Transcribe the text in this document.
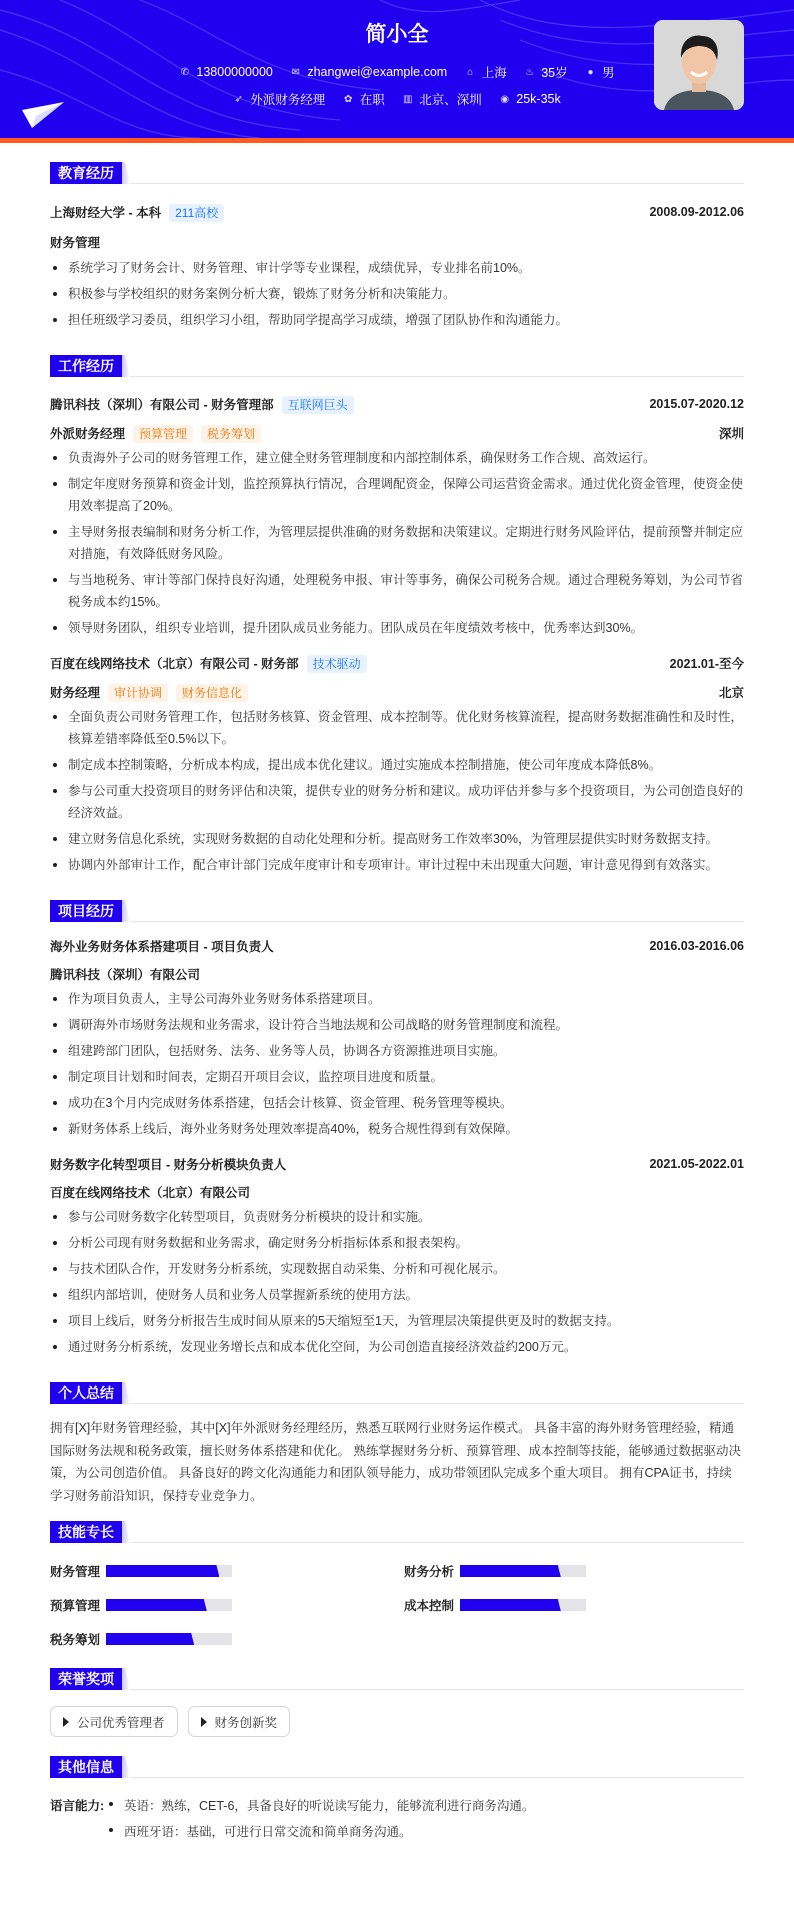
简小全
✆ 13800000000
✉ zhangwei@example.com
⌂ 上海
♨ 35岁
● 男
➶ 外派财务经理
✿ 在职
▥ 北京、深圳
◉ 25k-35k
教育经历
上海财经大学 - 本科 211高校	2008.09-2012.06
财务管理
系统学习了财务会计、财务管理、审计学等专业课程，成绩优异，专业排名前10%。
积极参与学校组织的财务案例分析大赛，锻炼了财务分析和决策能力。
担任班级学习委员，组织学习小组，帮助同学提高学习成绩，增强了团队协作和沟通能力。
工作经历
腾讯科技（深圳）有限公司 - 财务管理部 互联网巨头	2015.07-2020.12
外派财务经理 预算管理 税务筹划	深圳
负责海外子公司的财务管理工作，建立健全财务管理制度和内部控制体系，确保财务工作合规、高效运行。
制定年度财务预算和资金计划，监控预算执行情况，合理调配资金，保障公司运营资金需求。通过优化资金管理，使资金使用效率提高了20%。
主导财务报表编制和财务分析工作，为管理层提供准确的财务数据和决策建议。定期进行财务风险评估，提前预警并制定应对措施，有效降低财务风险。
与当地税务、审计等部门保持良好沟通，处理税务申报、审计等事务，确保公司税务合规。通过合理税务筹划，为公司节省税务成本约15%。
领导财务团队，组织专业培训，提升团队成员业务能力。团队成员在年度绩效考核中，优秀率达到30%。
百度在线网络技术（北京）有限公司 - 财务部 技术驱动	2021.01-至今
财务经理 审计协调 财务信息化	北京
全面负责公司财务管理工作，包括财务核算、资金管理、成本控制等。优化财务核算流程，提高财务数据准确性和及时性，核算差错率降低至0.5%以下。
制定成本控制策略，分析成本构成，提出成本优化建议。通过实施成本控制措施，使公司年度成本降低8%。
参与公司重大投资项目的财务评估和决策，提供专业的财务分析和建议。成功评估并参与多个投资项目，为公司创造良好的经济效益。
建立财务信息化系统，实现财务数据的自动化处理和分析。提高财务工作效率30%，为管理层提供实时财务数据支持。
协调内外部审计工作，配合审计部门完成年度审计和专项审计。审计过程中未出现重大问题，审计意见得到有效落实。
项目经历
海外业务财务体系搭建项目 - 项目负责人	2016.03-2016.06
腾讯科技（深圳）有限公司
作为项目负责人，主导公司海外业务财务体系搭建项目。
调研海外市场财务法规和业务需求，设计符合当地法规和公司战略的财务管理制度和流程。
组建跨部门团队，包括财务、法务、业务等人员，协调各方资源推进项目实施。
制定项目计划和时间表，定期召开项目会议，监控项目进度和质量。
成功在3个月内完成财务体系搭建，包括会计核算、资金管理、税务管理等模块。
新财务体系上线后，海外业务财务处理效率提高40%，税务合规性得到有效保障。
财务数字化转型项目 - 财务分析模块负责人	2021.05-2022.01
百度在线网络技术（北京）有限公司
参与公司财务数字化转型项目，负责财务分析模块的设计和实施。
分析公司现有财务数据和业务需求，确定财务分析指标体系和报表架构。
与技术团队合作，开发财务分析系统，实现数据自动采集、分析和可视化展示。
组织内部培训，使财务人员和业务人员掌握新系统的使用方法。
项目上线后，财务分析报告生成时间从原来的5天缩短至1天，为管理层决策提供更及时的数据支持。
通过财务分析系统，发现业务增长点和成本优化空间，为公司创造直接经济效益约200万元。
个人总结

拥有[X]年财务管理经验，其中[X]年外派财务经理经历，熟悉互联网行业财务运作模式。 具备丰富的海外财务管理经验，精通国际财务法规和税务政策，擅长财务体系搭建和优化。 熟练掌握财务分析、预算管理、成本控制等技能，能够通过数据驱动决策，为公司创造价值。 具备良好的跨文化沟通能力和团队领导能力，成功带领团队完成多个重大项目。 拥有CPA证书，持续学习财务前沿知识，保持专业竞争力。

技能专长
财务管理	财务分析
预算管理	成本控制
税务筹划
荣誉奖项
公司优秀管理者	财务创新奖
其他信息
语言能力:	英语：熟练，CET-6，具备良好的听说读写能力，能够流利进行商务沟通。
西班牙语：基础，可进行日常交流和简单商务沟通。
